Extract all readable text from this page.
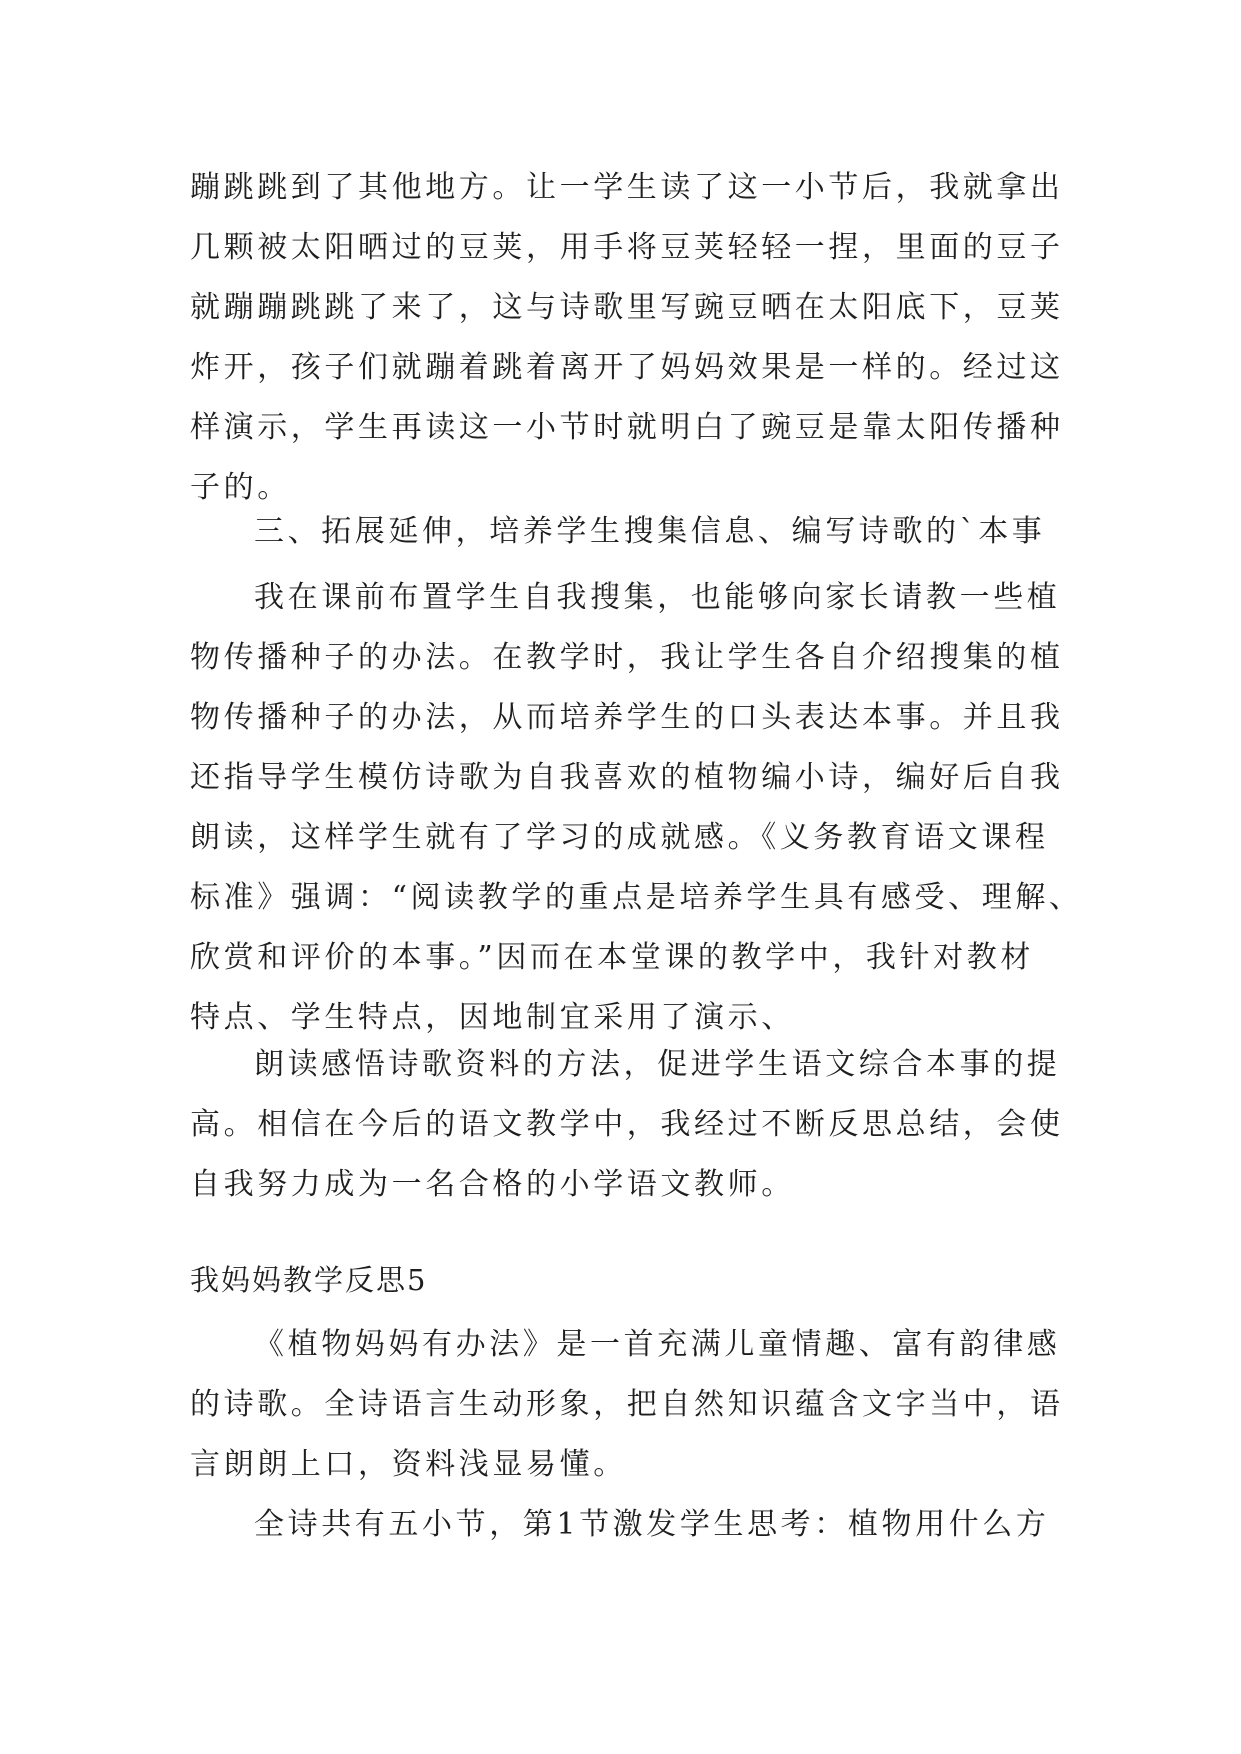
蹦跳跳到了其他地方。让一学生读了这一小节后，我就拿出
几颗被太阳晒过的豆荚，用手将豆荚轻轻一捏，里面的豆子
就蹦蹦跳跳了来了，这与诗歌里写豌豆晒在太阳底下，豆荚
炸开，孩子们就蹦着跳着离开了妈妈效果是一样的。经过这
样演示，学生再读这一小节时就明白了豌豆是靠太阳传播种
子的。
三、拓展延伸，培养学生搜集信息、编写诗歌的`本事
我在课前布置学生自我搜集，也能够向家长请教一些植
物传播种子的办法。在教学时，我让学生各自介绍搜集的植
物传播种子的办法，从而培养学生的口头表达本事。并且我
还指导学生模仿诗歌为自我喜欢的植物编小诗，编好后自我
朗读，这样学生就有了学习的成就感。《义务教育语文课程
标准》强调：“阅读教学的重点是培养学生具有感受、理解、
欣赏和评价的本事。”因而在本堂课的教学中，我针对教材
特点、学生特点，因地制宜采用了演示、
朗读感悟诗歌资料的方法，促进学生语文综合本事的提
高。相信在今后的语文教学中，我经过不断反思总结，会使
自我努力成为一名合格的小学语文教师。
我妈妈教学反思5
《植物妈妈有办法》是一首充满儿童情趣、富有韵律感
的诗歌。全诗语言生动形象，把自然知识蕴含文字当中，语
言朗朗上口，资料浅显易懂。
全诗共有五小节，第1节激发学生思考：植物用什么方
